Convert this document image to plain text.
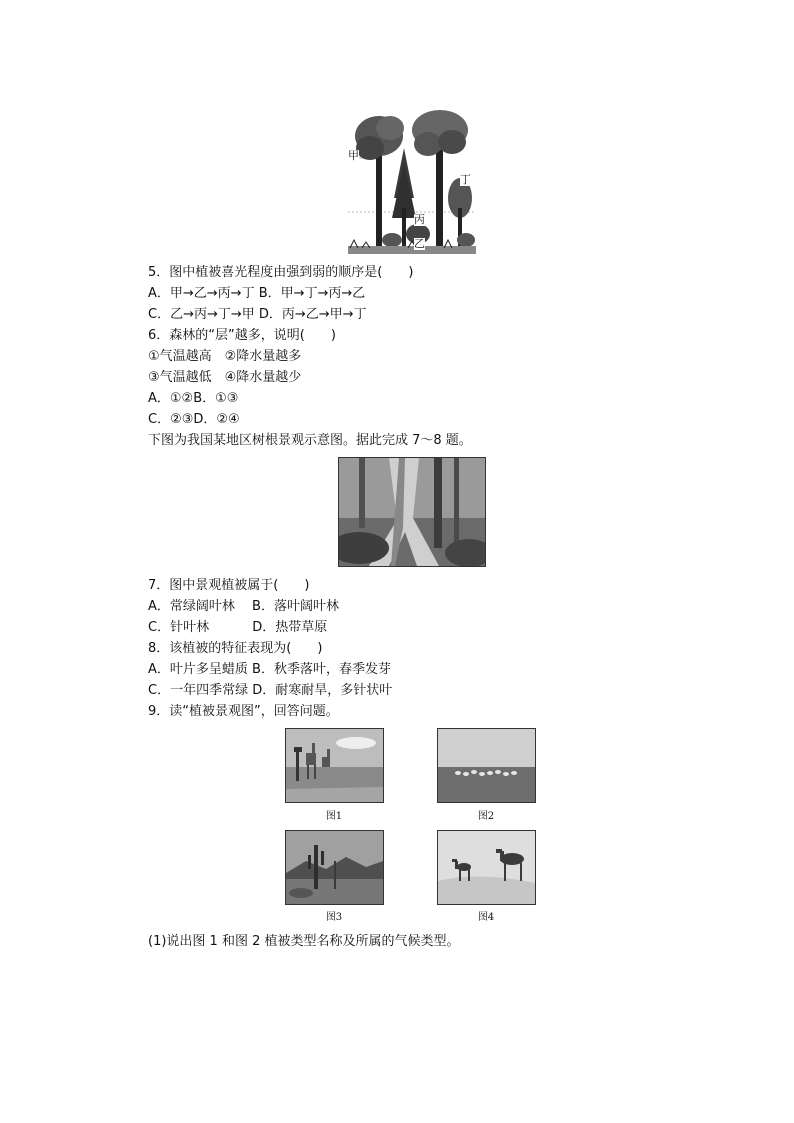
甲
丁
丙
乙
5．图中植被喜光程度由强到弱的顺序是(　　)
A．甲→乙→丙→丁 B．甲→丁→丙→乙
C．乙→丙→丁→甲 D．丙→乙→甲→丁
6．森林的“层”越多，说明(　　)
①气温越高　②降水量越多
③气温越低　④降水量越少
A．①②B．①③
C．②③D．②④
下图为我国某地区树根景观示意图。据此完成 7～8 题。
7．图中景观植被属于(　　)
A．常绿阔叶林　 B．落叶阔叶林
C．针叶林　　　 D．热带草原
8．该植被的特征表现为(　　)
A．叶片多呈蜡质 B．秋季落叶，春季发芽
C．一年四季常绿 D．耐寒耐旱，多针状叶
9．读“植被景观图”，回答问题。
图1	图2
图3	图4
(1)说出图 1 和图 2 植被类型名称及所属的气候类型。
